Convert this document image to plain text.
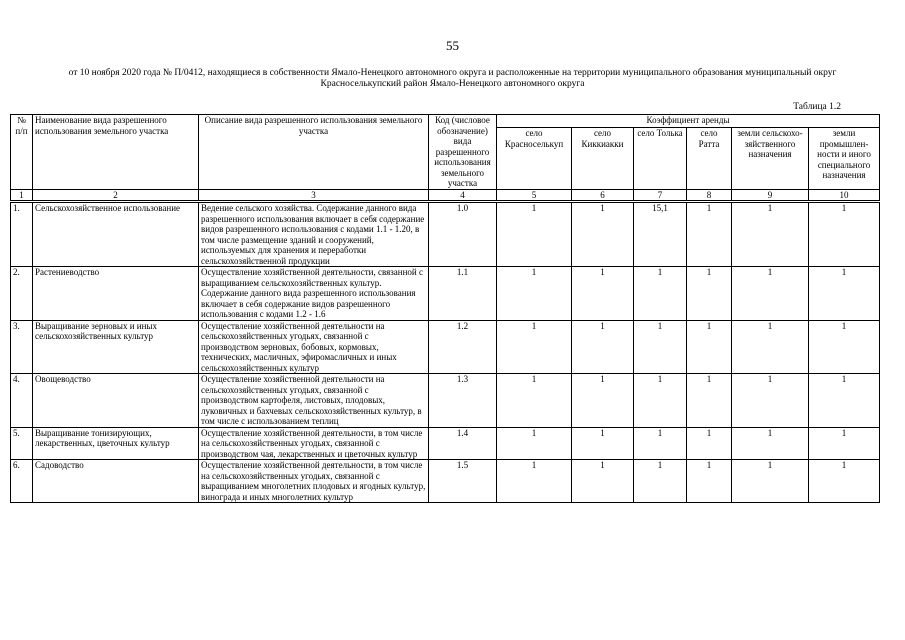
55
от 10 ноября 2020 года № П/0412, находящиеся в собственности Ямало-Ненецкого автономного округа и расположенные на территории муниципального образования муниципальный округ Красноселькупский район Ямало-Ненецкого автономного округа
Таблица 1.2
№ п/п	Наименование вида разрешенного использования земельного участка	Описание вида разрешенного использования земельного участка	Код (числовое обозначение) вида разрешенного использования земельного участка	Коэффициент аренды					
				село Красноселькуп	село Киккиакки	село Толька	село Ратта	земли сельскохо-зяйственного назначения	земли промышлен-ности и иного специального назначения
1	2	3	4	5	6	7	8	9	10
1.	Сельскохозяйственное использование	Ведение сельского хозяйства. Содержание данного вида разрешенного использования включает в себя содержание видов разрешенного использования с кодами 1.1 - 1.20, в том числе размещение зданий и сооружений, используемых для хранения и переработки сельскохозяйственной продукции	1.0	1	1	15,1	1	1	1
2.	Растениеводство	Осуществление хозяйственной деятельности, связанной с выращиванием сельскохозяйственных культур. Содержание данного вида разрешенного использования включает в себя содержание видов разрешенного использования с кодами 1.2 - 1.6	1.1	1	1	1	1	1	1
3.	Выращивание зерновых и иных сельскохозяйственных культур	Осуществление хозяйственной деятельности на сельскохозяйственных угодьях, связанной с производством зерновых, бобовых, кормовых, технических, масличных, эфиромасличных и иных сельскохозяйственных культур	1.2	1	1	1	1	1	1
4.	Овощеводство	Осуществление хозяйственной деятельности на сельскохозяйственных угодьях, связанной с производством картофеля, листовых, плодовых, луковичных и бахчевых сельскохозяйственных культур, в том числе с использованием теплиц	1.3	1	1	1	1	1	1
5.	Выращивание тонизирующих, лекарственных, цветочных культур	Осуществление хозяйственной деятельности, в том числе на сельскохозяйственных угодьях, связанной с производством чая, лекарственных и цветочных культур	1.4	1	1	1	1	1	1
6.	Садоводство	Осуществление хозяйственной деятельности, в том числе на сельскохозяйственных угодьях, связанной с выращиванием многолетних плодовых и ягодных культур, винограда и иных многолетних культур	1.5	1	1	1	1	1	1
